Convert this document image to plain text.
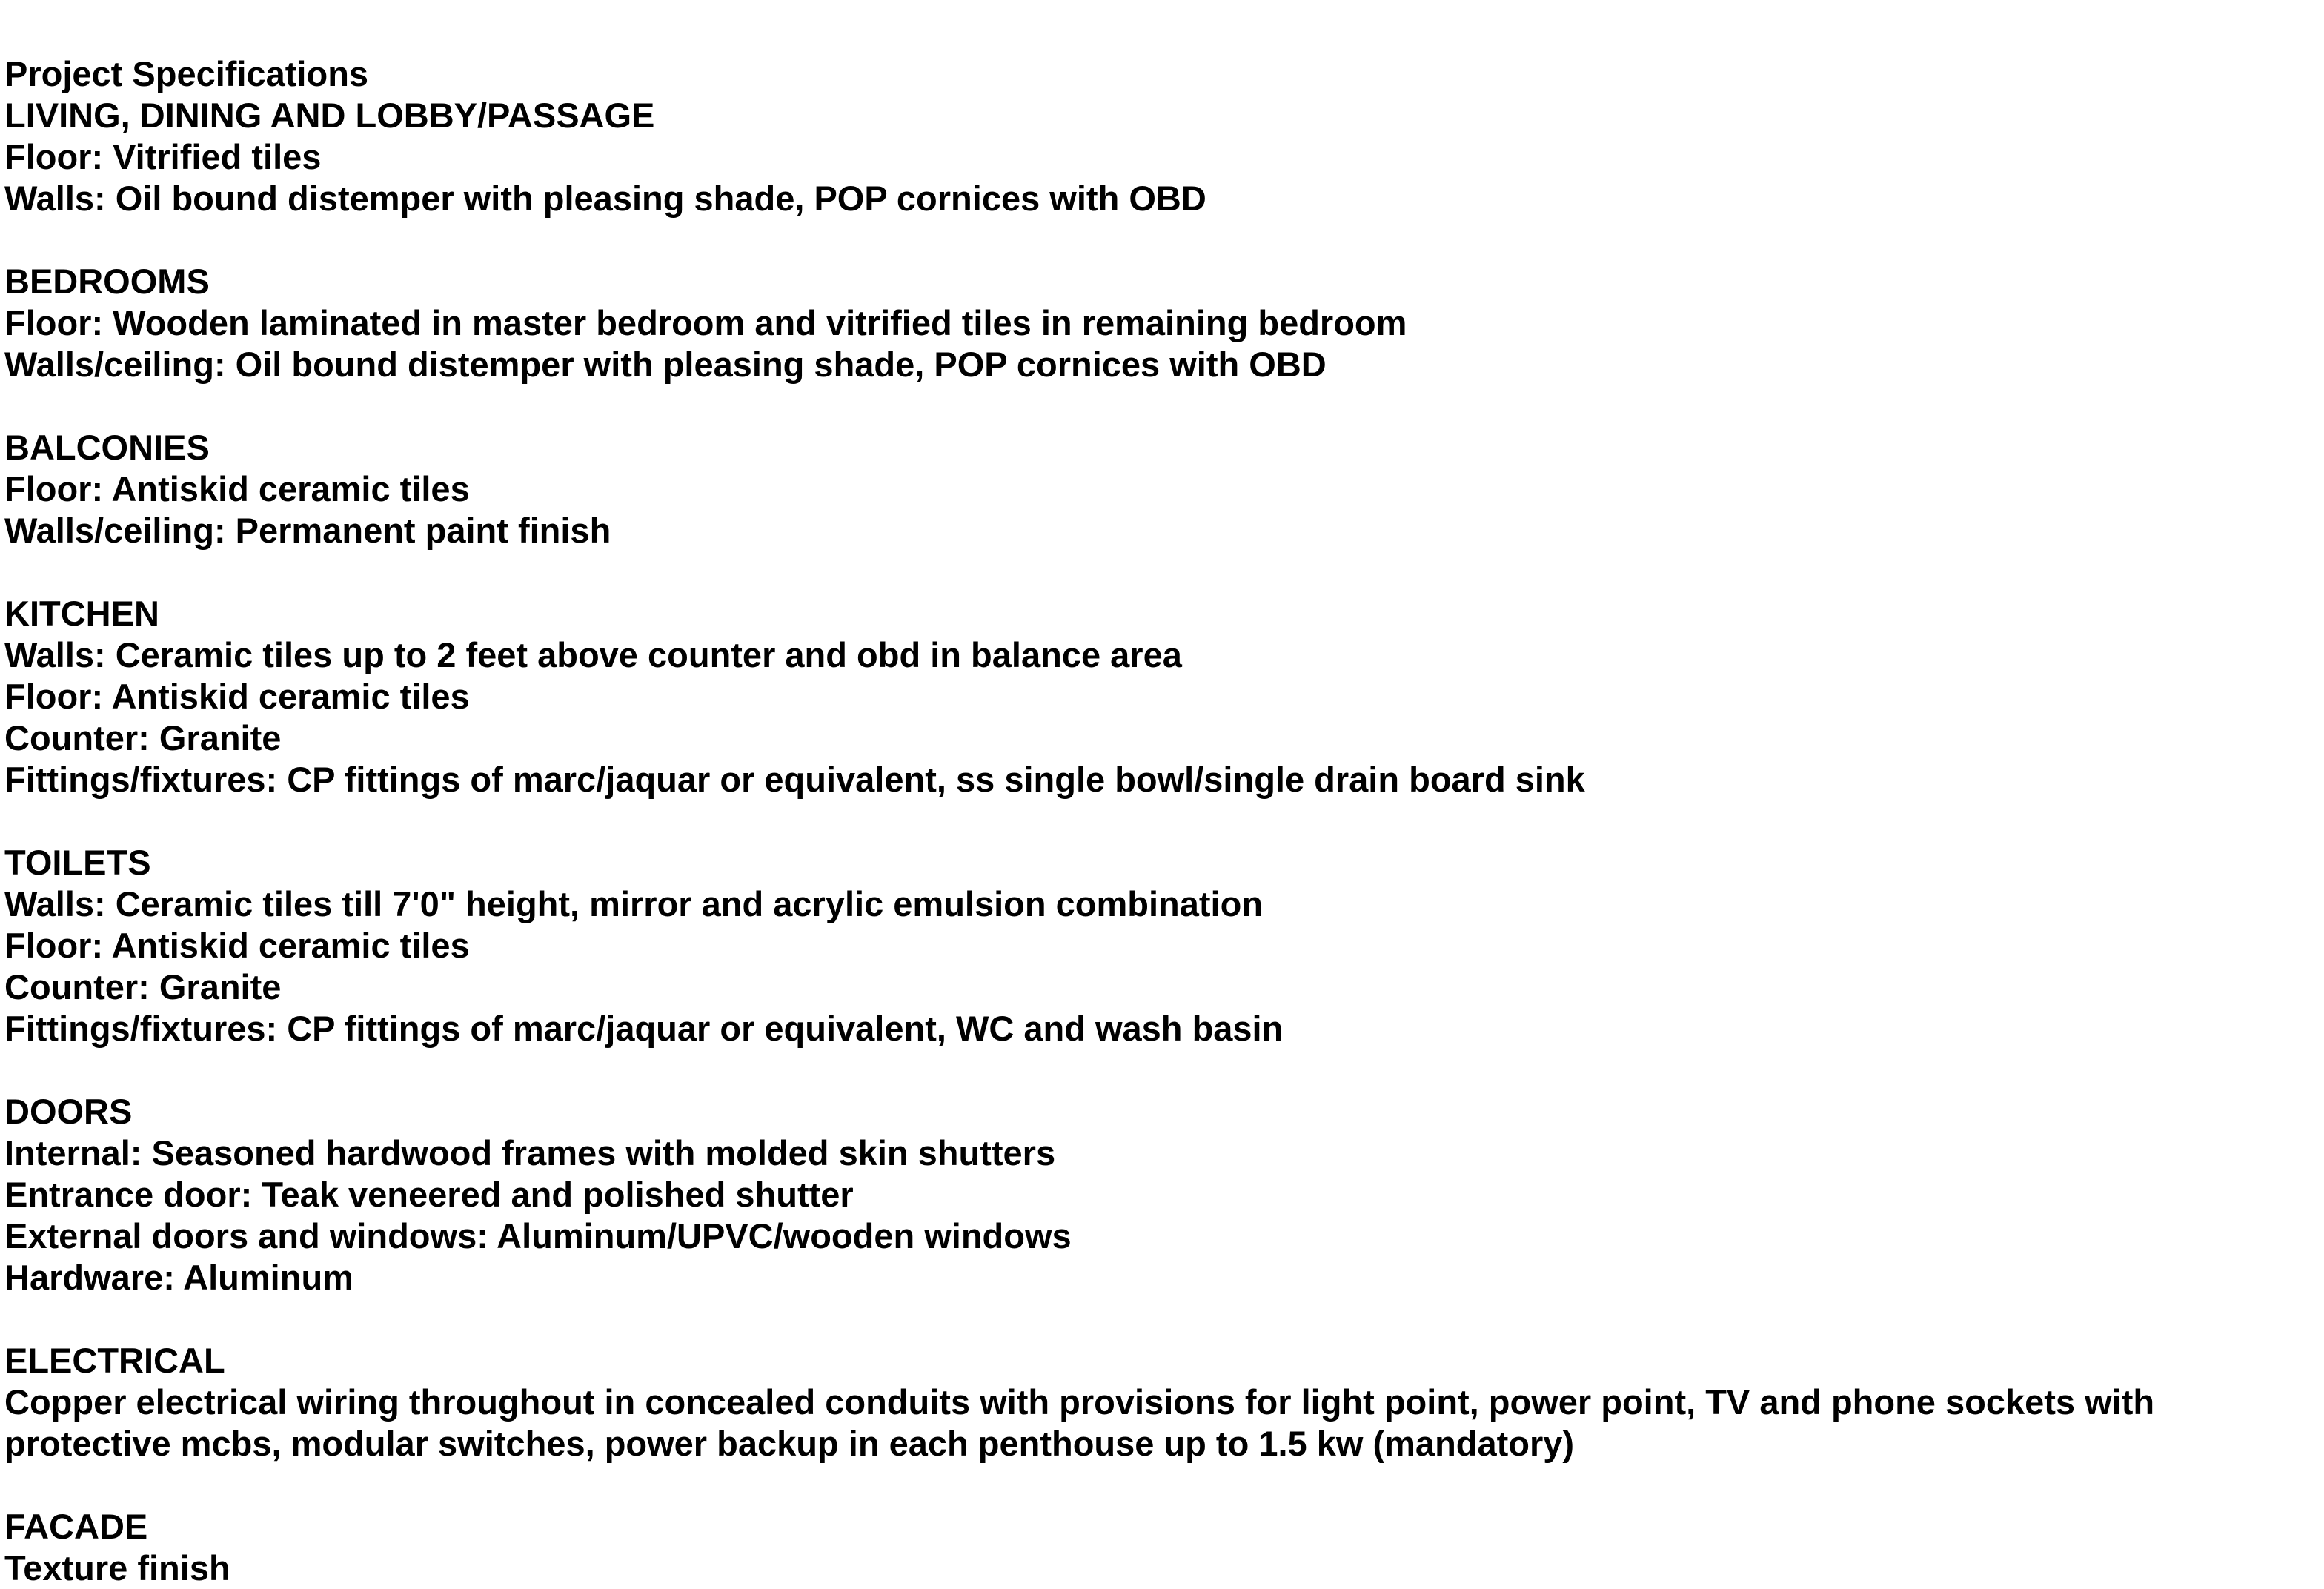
Project Specifications
LIVING, DINING AND LOBBY/PASSAGE
Floor: Vitrified tiles
Walls: Oil bound distemper with pleasing shade, POP cornices with OBD
BEDROOMS
Floor: Wooden laminated in master bedroom and vitrified tiles in remaining bedroom
Walls/ceiling: Oil bound distemper with pleasing shade, POP cornices with OBD
BALCONIES
Floor: Antiskid ceramic tiles
Walls/ceiling: Permanent paint finish
KITCHEN
Walls: Ceramic tiles up to 2 feet above counter and obd in balance area
Floor: Antiskid ceramic tiles
Counter: Granite
Fittings/fixtures: CP fittings of marc/jaquar or equivalent, ss single bowl/single drain board sink
TOILETS
Walls: Ceramic tiles till 7'0" height, mirror and acrylic emulsion combination
Floor: Antiskid ceramic tiles
Counter: Granite
Fittings/fixtures: CP fittings of marc/jaquar or equivalent, WC and wash basin
DOORS
Internal: Seasoned hardwood frames with molded skin shutters
Entrance door: Teak veneered and polished shutter
External doors and windows: Aluminum/UPVC/wooden windows
Hardware: Aluminum
ELECTRICAL
Copper electrical wiring throughout in concealed conduits with provisions for light point, power point, TV and phone sockets with protective mcbs, modular switches, power backup in each penthouse up to 1.5 kw (mandatory)
FACADE
Texture finish
